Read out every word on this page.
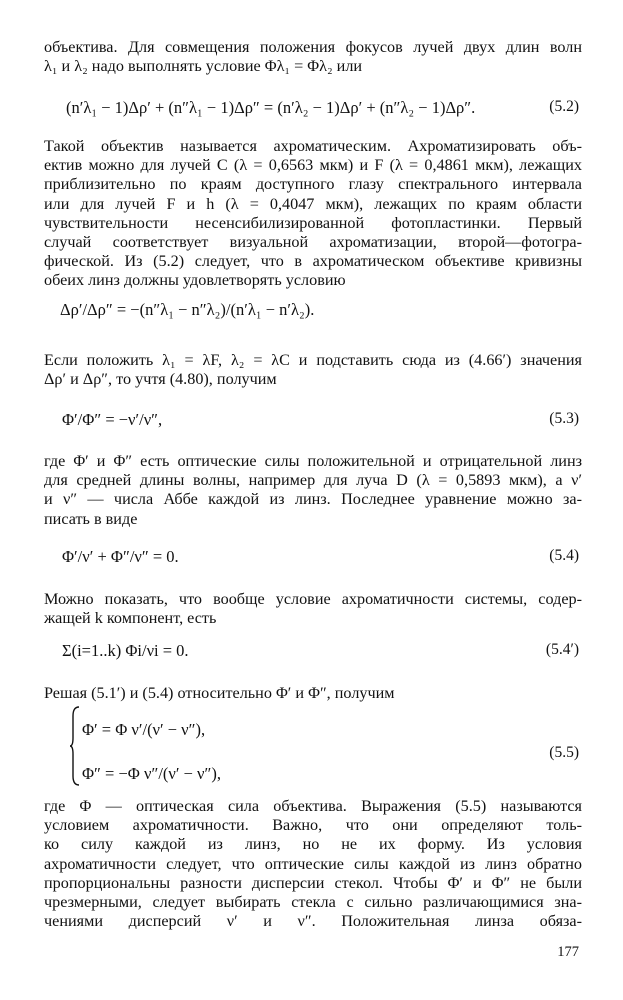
объектива. Для совмещения положения фокусов лучей двух длин волн
λ₁ и λ₂ надо выполнять условие Φλ₁ = Φλ₂ или
(n′λ₁ − 1)Δρ′ + (n″λ₁ − 1)Δρ″ = (n′λ₂ − 1)Δρ′ + (n″λ₂ − 1)Δρ″.	(5.2)
Такой объектив называется ахроматическим. Ахроматизировать объ-
ектив можно для лучей C (λ = 0,6563 мкм) и F (λ = 0,4861 мкм), лежащих
приблизительно по краям доступного глазу спектрального интервала
или для лучей F и h (λ = 0,4047 мкм), лежащих по краям области
чувствительности несенсибилизированной фотопластинки. Первый
случай соответствует визуальной ахроматизации, второй—фотогра-
фической. Из (5.2) следует, что в ахроматическом объективе кривизны
обеих линз должны удовлетворять условию
Δρ′/Δρ″ = −(n″λ₁ − n″λ₂)/(n′λ₁ − n′λ₂).
Если положить λ₁ = λF, λ₂ = λC и подставить сюда из (4.66′) значения
Δρ′ и Δρ″, то учтя (4.80), получим
Φ′/Φ″ = −ν′/ν″,	(5.3)
где Φ′ и Φ″ есть оптические силы положительной и отрицательной линз
для средней длины волны, например для луча D (λ = 0,5893 мкм), а ν′
и ν″ — числа Аббе каждой из линз. Последнее уравнение можно за-
писать в виде
Φ′/ν′ + Φ″/ν″ = 0.	(5.4)
Можно показать, что вообще условие ахроматичности системы, содер-
жащей k компонент, есть
Σ(i=1..k) Φi/νi = 0.	(5.4′)
Решая (5.1′) и (5.4) относительно Φ′ и Φ″, получим
Φ′ = Φ ν′/(ν′ − ν″),
(5.5)
Φ″ = −Φ ν″/(ν′ − ν″),
где Φ — оптическая сила объектива. Выражения (5.5) называются
условием ахроматичности. Важно, что они определяют толь-
ко силу каждой из линз, но не их форму. Из условия
ахроматичности следует, что оптические силы каждой из линз обратно
пропорциональны разности дисперсии стекол. Чтобы Φ′ и Φ″ не были
чрезмерными, следует выбирать стекла с сильно различающимися зна-
чениями дисперсий ν′ и ν″. Положительная линза обяза-
177
